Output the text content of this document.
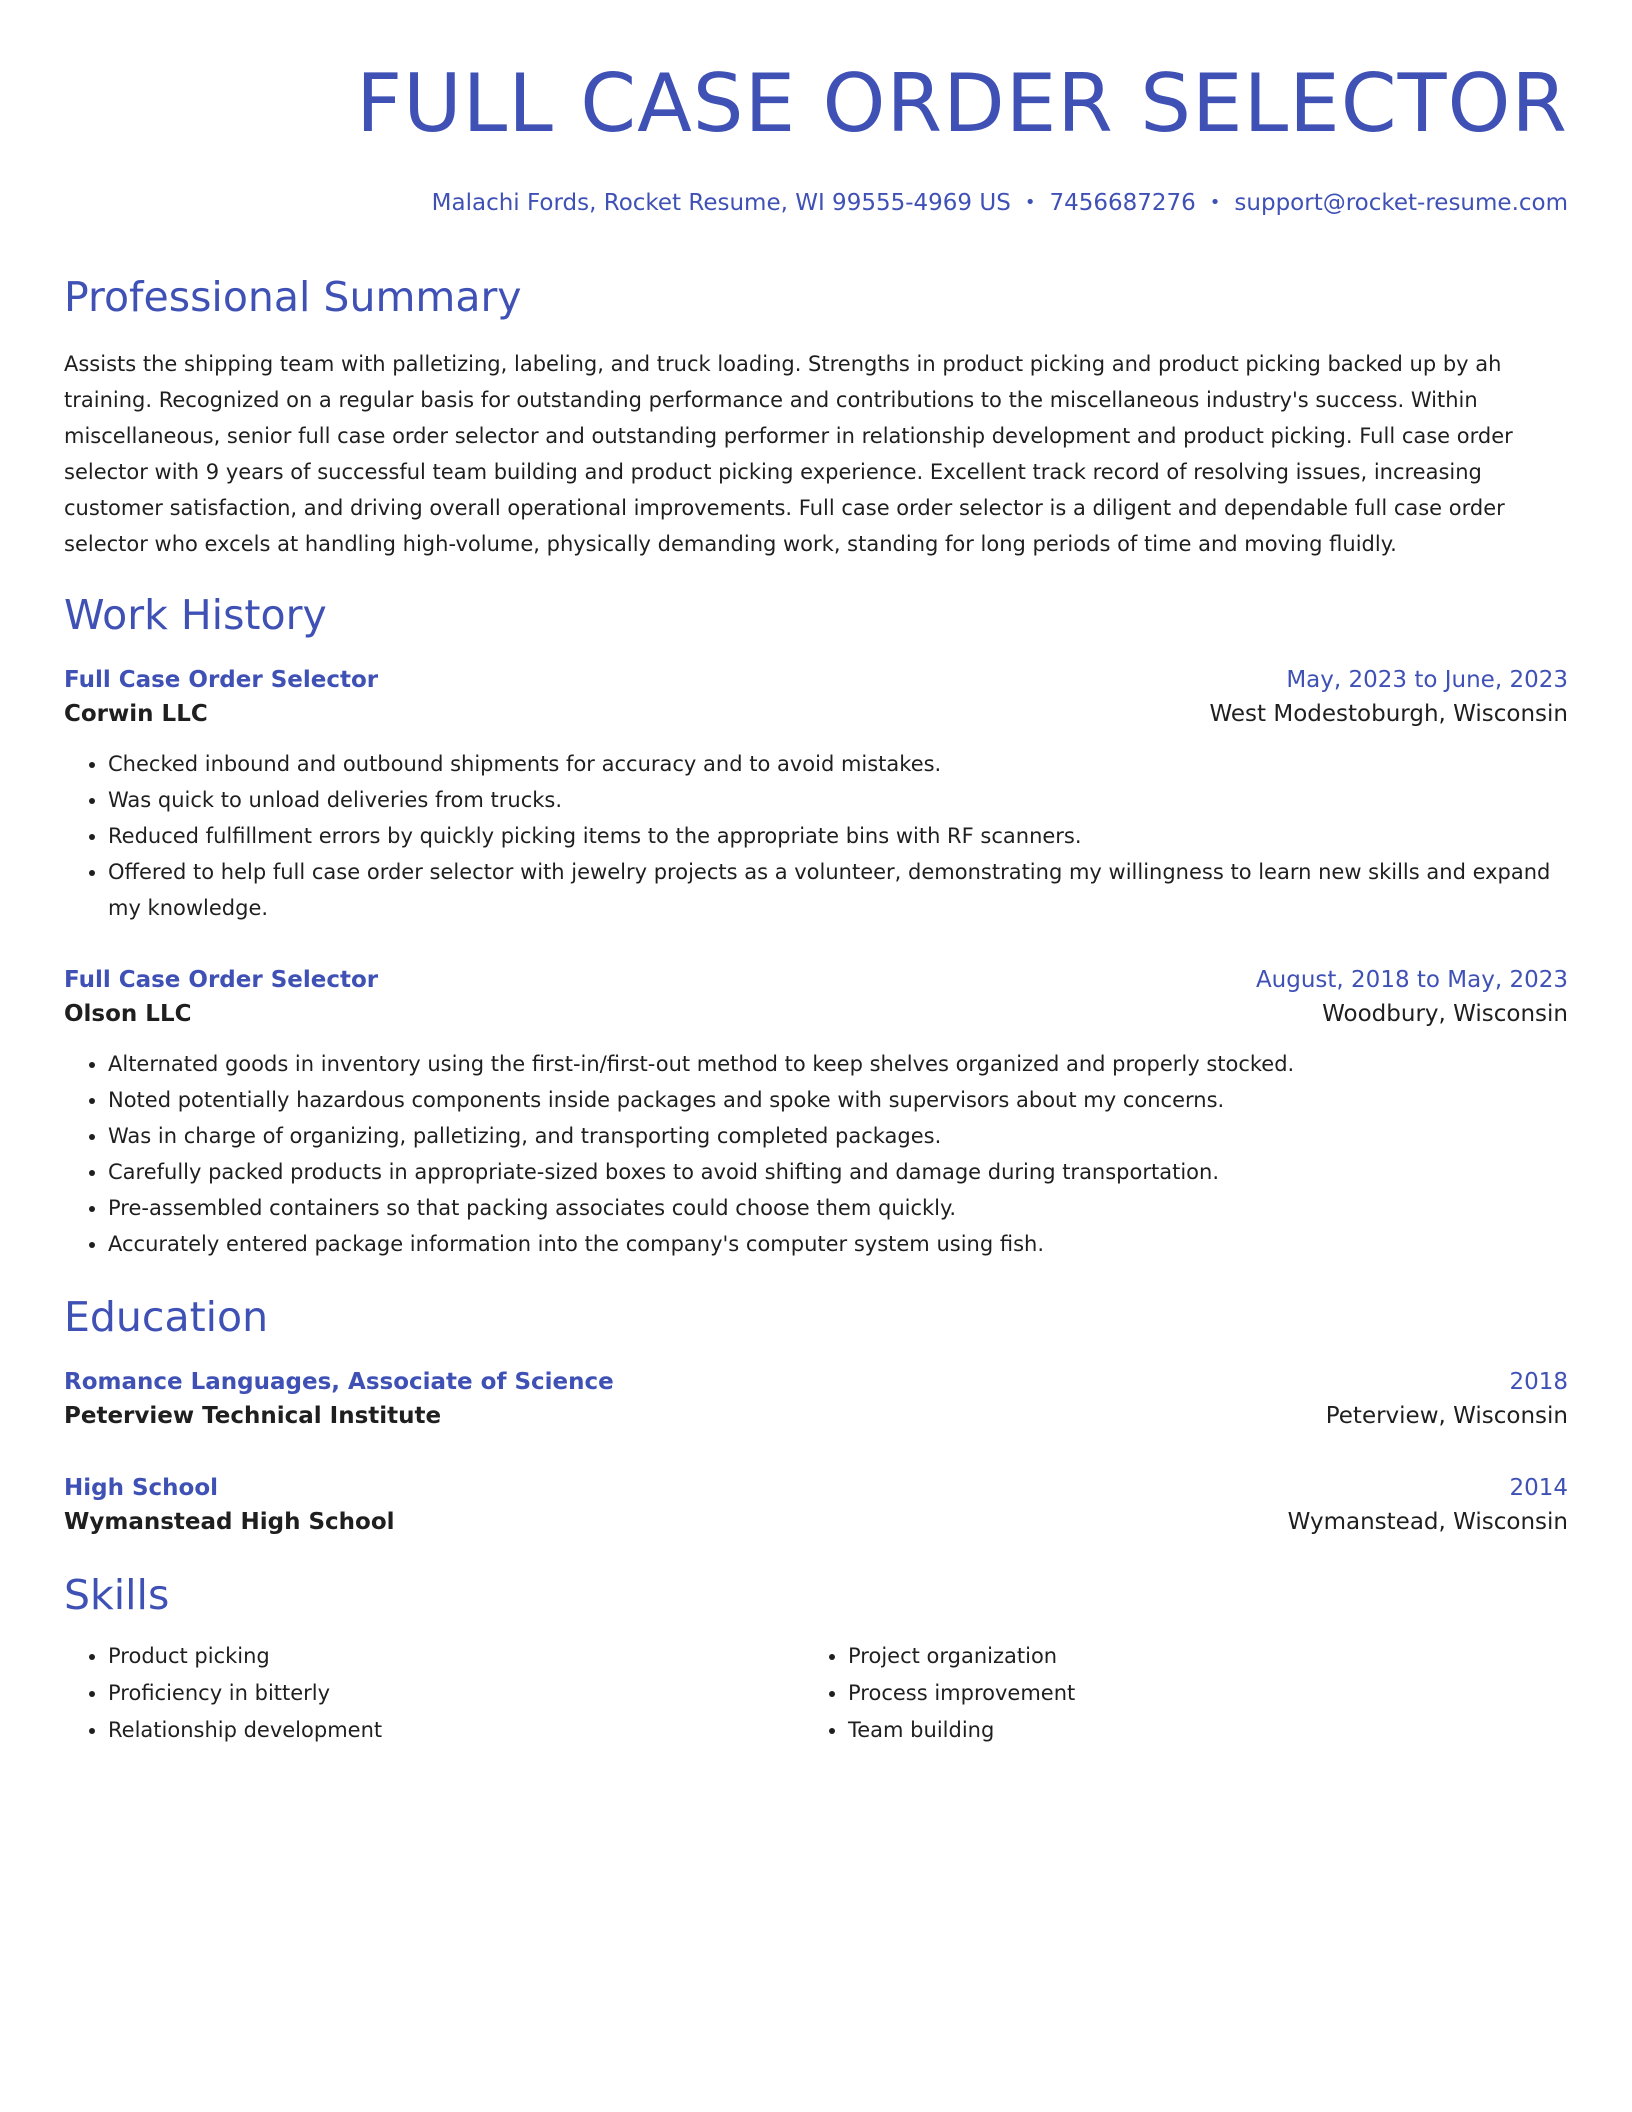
FULL CASE ORDER SELECTOR
Malachi Fords, Rocket Resume, WI 99555-4969 US • 7456687276 • support@rocket-resume.com
Professional Summary

Assists the shipping team with palletizing, labeling, and truck loading. Strengths in product picking and product picking backed up by ah training. Recognized on a regular basis for outstanding performance and contributions to the miscellaneous industry's success. Within miscellaneous, senior full case order selector and outstanding performer in relationship development and product picking. Full case order selector with 9 years of successful team building and product picking experience. Excellent track record of resolving issues, increasing customer satisfaction, and driving overall operational improvements. Full case order selector is a diligent and dependable full case order selector who excels at handling high-volume, physically demanding work, standing for long periods of time and moving fluidly.

Work History
Full Case Order Selector	May, 2023 to June, 2023
Corwin LLC	West Modestoburgh, Wisconsin
• Checked inbound and outbound shipments for accuracy and to avoid mistakes.
• Was quick to unload deliveries from trucks.
• Reduced fulfillment errors by quickly picking items to the appropriate bins with RF scanners.
• Offered to help full case order selector with jewelry projects as a volunteer, demonstrating my willingness to learn new skills and expand my knowledge.
Full Case Order Selector	August, 2018 to May, 2023
Olson LLC	Woodbury, Wisconsin
• Alternated goods in inventory using the first-in/first-out method to keep shelves organized and properly stocked.
• Noted potentially hazardous components inside packages and spoke with supervisors about my concerns.
• Was in charge of organizing, palletizing, and transporting completed packages.
• Carefully packed products in appropriate-sized boxes to avoid shifting and damage during transportation.
• Pre-assembled containers so that packing associates could choose them quickly.
• Accurately entered package information into the company's computer system using fish.
Education
Romance Languages, Associate of Science	2018
Peterview Technical Institute	Peterview, Wisconsin
High School	2014
Wymanstead High School	Wymanstead, Wisconsin
Skills
• Product picking
• Proficiency in bitterly
• Relationship development
• Project organization
• Process improvement
• Team building
